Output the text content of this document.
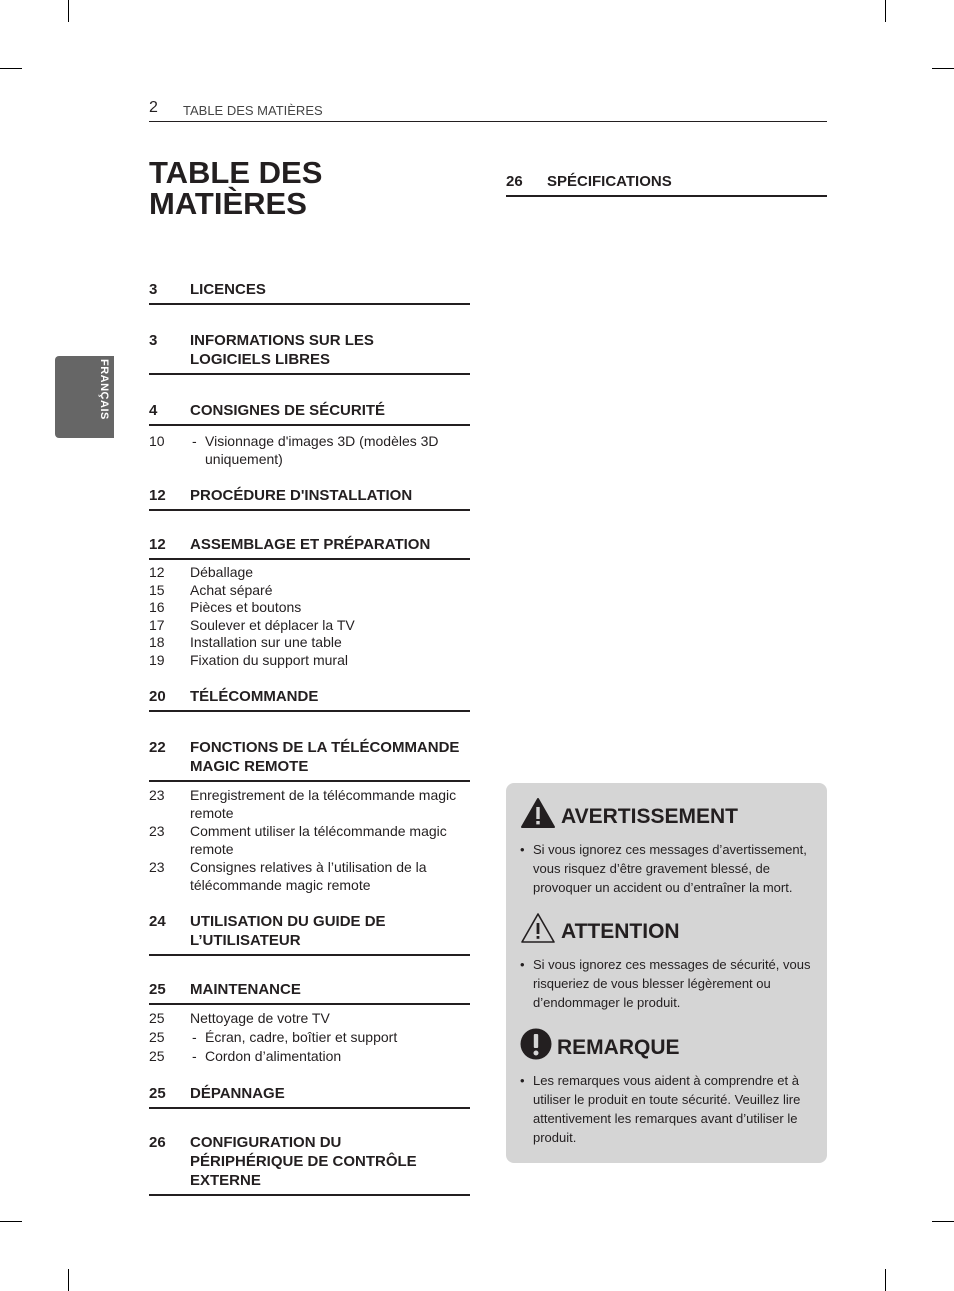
2 TABLE DES MATIÈRES
FRANÇAIS
TABLE DES
MATIÈRES
3	LICENCES
3	INFORMATIONS SUR LES LOGICIELS LIBRES
4	CONSIGNES DE SÉCURITÉ
10	- Visionnage d'images 3D (modèles 3D uniquement)
12	PROCÉDURE D'INSTALLATION
12	ASSEMBLAGE ET PRÉPARATION
12	Déballage
15	Achat séparé
16	Pièces et boutons
17	Soulever et déplacer la TV
18	Installation sur une table
19	Fixation du support mural
20	TÉLÉCOMMANDE
22	FONCTIONS DE LA TÉLÉCOMMANDE MAGIC REMOTE
23	Enregistrement de la télécommande magic remote
23	Comment utiliser la télécommande magic remote
23	Consignes relatives à l’utilisation de la télécommande magic remote
24	UTILISATION DU GUIDE DE L’UTILISATEUR
25	MAINTENANCE
25	Nettoyage de votre TV
25	- Écran, cadre, boîtier et support
25	- Cordon d’alimentation
25	DÉPANNAGE
26	CONFIGURATION DU PÉRIPHÉRIQUE DE CONTRÔLE EXTERNE
26	SPÉCIFICATIONS
AVERTISSEMENT
• Si vous ignorez ces messages d’avertissement, vous risquez d’être gravement blessé, de provoquer un accident ou d’entraîner la mort.
ATTENTION
• Si vous ignorez ces messages de sécurité, vous risqueriez de vous blesser légèrement ou d’endommager le produit.
REMARQUE
• Les remarques vous aident à comprendre et à utiliser le produit en toute sécurité. Veuillez lire attentivement les remarques avant d’utiliser le produit.
